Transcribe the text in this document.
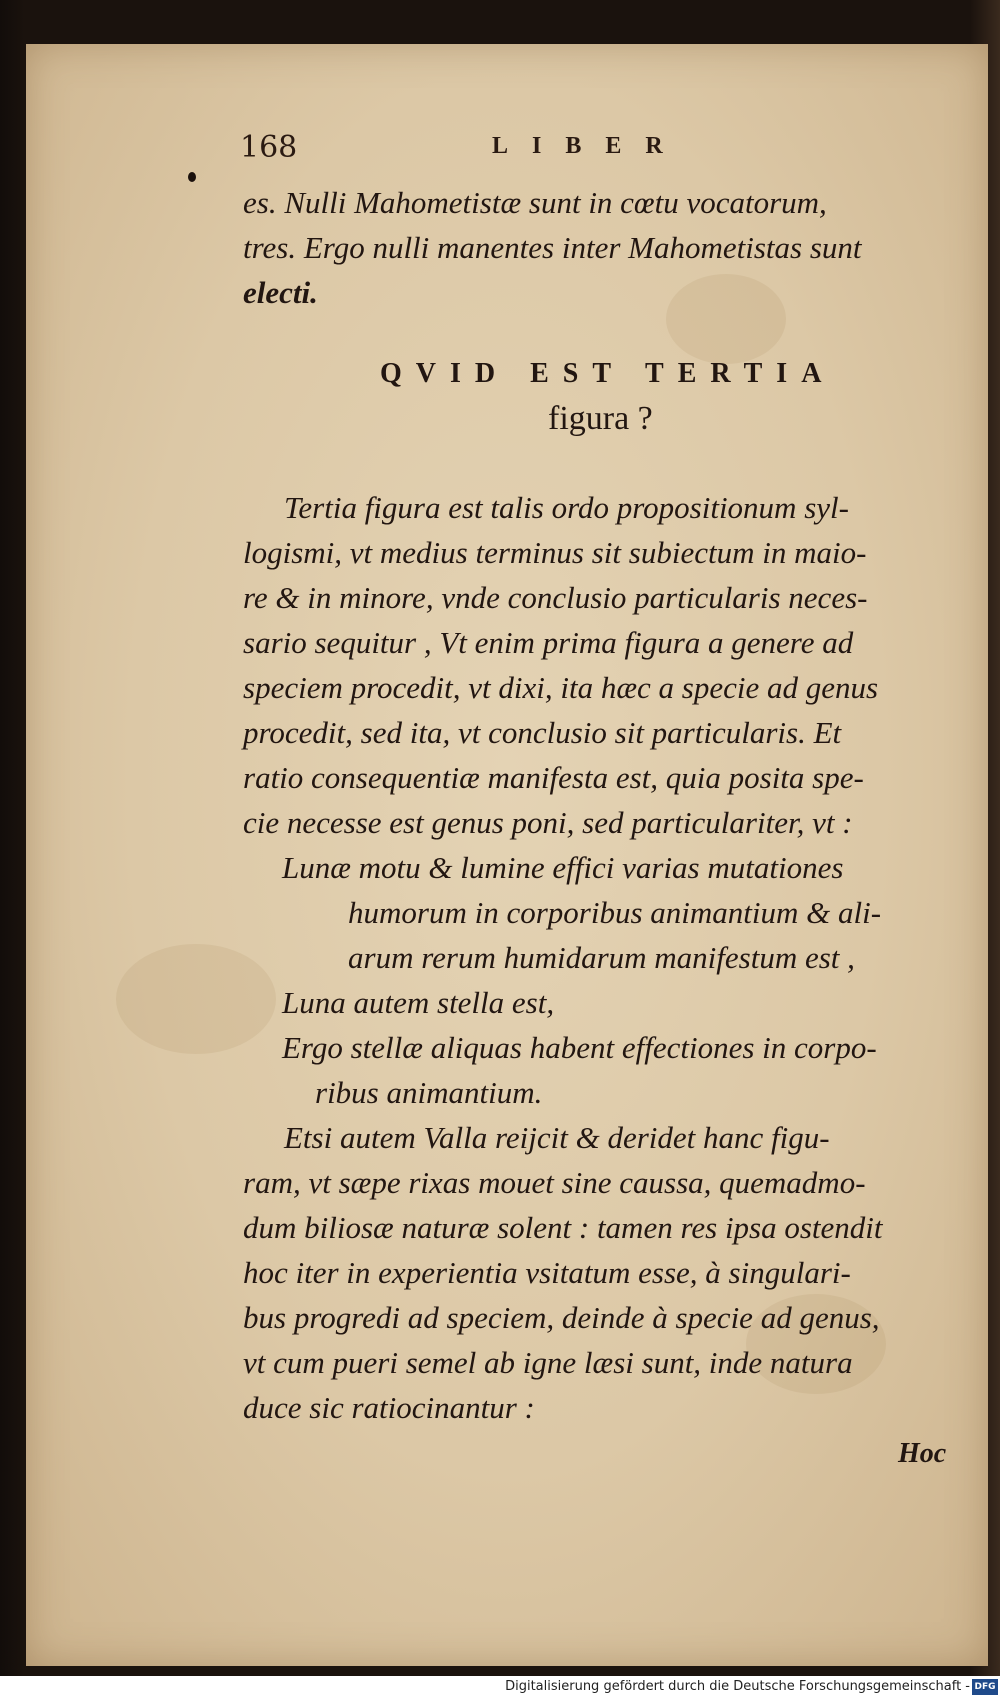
168	LIBER
es. Nulli Mahometistæ sunt in cœtu vocatorum,
tres. Ergo nulli manentes inter Mahometistas sunt
electi.
QVID EST TERTIA
figura ?
Tertia figura est talis ordo propositionum syl-
logismi, vt medius terminus sit subiectum in maio-
re & in minore, vnde conclusio particularis neces-
sario sequitur , Vt enim prima figura a genere ad
speciem procedit, vt dixi, ita hæc a specie ad genus
procedit, sed ita, vt conclusio sit particularis. Et
ratio consequentiæ manifesta est, quia posita spe-
cie necesse est genus poni, sed particulariter, vt :
Lunæ motu & lumine effici varias mutationes
humorum in corporibus animantium & ali-
arum rerum humidarum manifestum est ,
Luna autem stella est,
Ergo stellæ aliquas habent effectiones in corpo-
ribus animantium.
Etsi autem Valla reijcit & deridet hanc figu-
ram, vt sæpe rixas mouet sine caussa, quemadmo-
dum biliosæ naturæ solent : tamen res ipsa ostendit
hoc iter in experientia vsitatum esse, à singulari-
bus progredi ad speciem, deinde à specie ad genus,
vt cum pueri semel ab igne læsi sunt, inde natura
duce sic ratiocinantur :
Hoc
Digitalisierung gefördert durch die Deutsche Forschungsgemeinschaft - DFG
